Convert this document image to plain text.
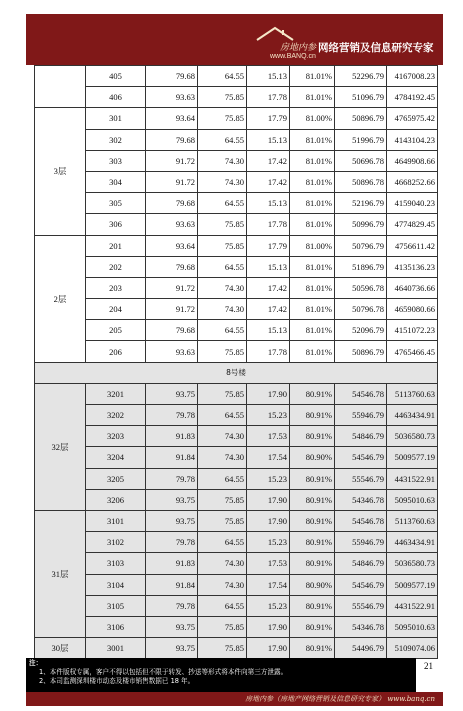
房地内参
www.BANQ.cn
网络营销及信息研究专家
	405	79.68	64.55	15.13	81.01%	52296.79	4167008.23
	406	93.63	75.85	17.78	81.01%	51096.79	4784192.45
3层	301	93.64	75.85	17.79	81.00%	50896.79	4765975.42
	302	79.68	64.55	15.13	81.01%	51996.79	4143104.23
	303	91.72	74.30	17.42	81.01%	50696.78	4649908.66
	304	91.72	74.30	17.42	81.01%	50896.78	4668252.66
	305	79.68	64.55	15.13	81.01%	52196.79	4159040.23
	306	93.63	75.85	17.78	81.01%	50996.79	4774829.45
2层	201	93.64	75.85	17.79	81.00%	50796.79	4756611.42
	202	79.68	64.55	15.13	81.01%	51896.79	4135136.23
	203	91.72	74.30	17.42	81.01%	50596.78	4640736.66
	204	91.72	74.30	17.42	81.01%	50796.78	4659080.66
	205	79.68	64.55	15.13	81.01%	52096.79	4151072.23
	206	93.63	75.85	17.78	81.01%	50896.79	4765466.45
8号楼							
32层	3201	93.75	75.85	17.90	80.91%	54546.78	5113760.63
	3202	79.78	64.55	15.23	80.91%	55946.79	4463434.91
	3203	91.83	74.30	17.53	80.91%	54846.79	5036580.73
	3204	91.84	74.30	17.54	80.90%	54546.79	5009577.19
	3205	79.78	64.55	15.23	80.91%	55546.79	4431522.91
	3206	93.75	75.85	17.90	80.91%	54346.78	5095010.63
31层	3101	93.75	75.85	17.90	80.91%	54546.78	5113760.63
	3102	79.78	64.55	15.23	80.91%	55946.79	4463434.91
	3103	91.83	74.30	17.53	80.91%	54846.79	5036580.73
	3104	91.84	74.30	17.54	80.90%	54546.79	5009577.19
	3105	79.78	64.55	15.23	80.91%	55546.79	4431522.91
	3106	93.75	75.85	17.90	80.91%	54346.78	5095010.63
30层	3001	93.75	75.85	17.90	80.91%	54496.79	5109074.06
21
注：
1、本件版权专属，客户不得以包括但不限于转发、抄送等形式将本件向第三方泄露。
2、本司监测深圳楼市动态及楼市销售数据已 18 年。
房地内参（房地产网络营销及信息研究专家） www.banq.cn
